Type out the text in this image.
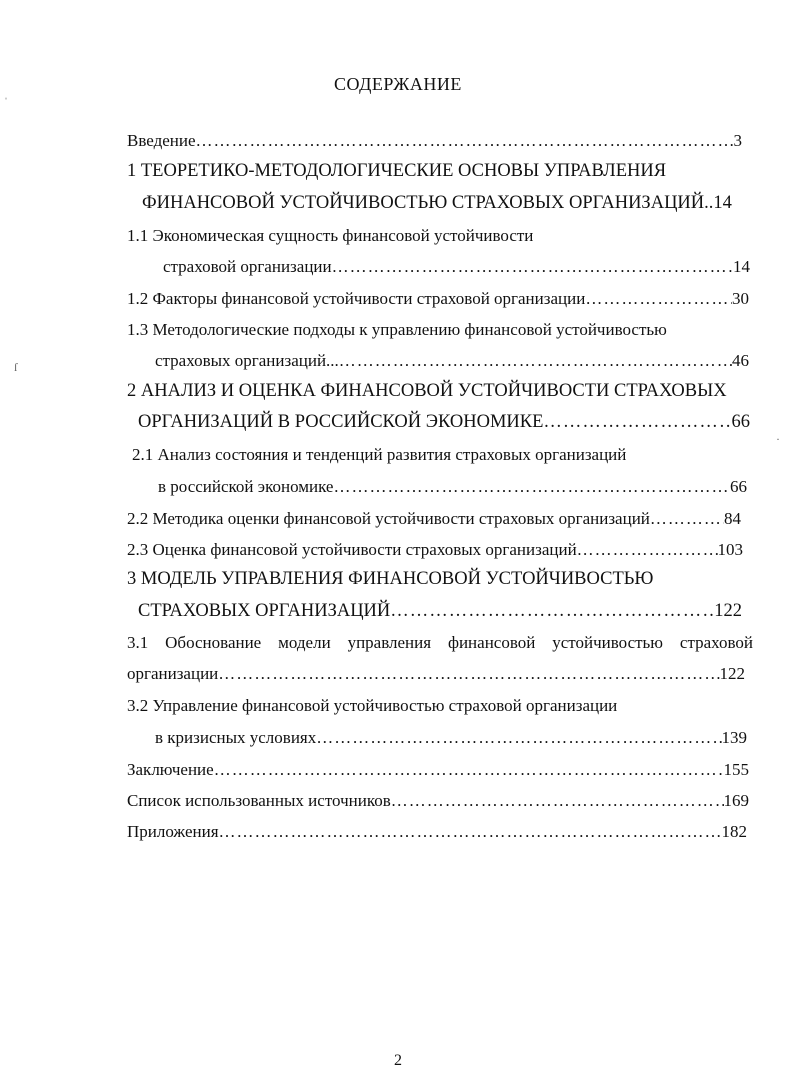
ˌ
ſ
·
СОДЕРЖАНИЕ
Введение ……………………………………………………………………………………………………………………………………………………………………………………………………	3
1 ТЕОРЕТИКО-МЕТОДОЛОГИЧЕСКИЕ ОСНОВЫ УПРАВЛЕНИЯ
ФИНАНСОВОЙ УСТОЙЧИВОСТЬЮ СТРАХОВЫХ ОРГАНИЗАЦИЙ..14
1.1 Экономическая сущность финансовой устойчивости
страховой организации ……………………………………………………………………………………………………………………………………………………………………………………………………	14
1.2 Факторы финансовой устойчивости страховой организации ……………………………………………………………………………………………………………………………………………………………………………………………………	30
1.3 Методологические подходы к управлению финансовой устойчивостью
страховых организаций... ……………………………………………………………………………………………………………………………………………………………………………………………………	46
2 АНАЛИЗ И ОЦЕНКА ФИНАНСОВОЙ УСТОЙЧИВОСТИ СТРАХОВЫХ
ОРГАНИЗАЦИЙ В РОССИЙСКОЙ ЭКОНОМИКЕ ……………………………………………………………………………………………………………………………………………………………………………………………………	66
2.1 Анализ состояния и тенденций развития страховых организаций
в российской экономике ……………………………………………………………………………………………………………………………………………………………………………………………………	66
2.2 Методика оценки финансовой устойчивости страховых организаций ……………………………………………………………………………………………………………………………………………………………………………………………………	84
2.3 Оценка финансовой устойчивости страховых организаций ……………………………………………………………………………………………………………………………………………………………………………………………………	103
3 МОДЕЛЬ УПРАВЛЕНИЯ ФИНАНСОВОЙ УСТОЙЧИВОСТЬЮ
СТРАХОВЫХ ОРГАНИЗАЦИЙ ……………………………………………………………………………………………………………………………………………………………………………………………………	122
3.1 Обоснование модели управления финансовой устойчивостью страховой
организации ……………………………………………………………………………………………………………………………………………………………………………………………………	122
3.2 Управление финансовой устойчивостью страховой организации
в кризисных условиях ……………………………………………………………………………………………………………………………………………………………………………………………………	139
Заключение ……………………………………………………………………………………………………………………………………………………………………………………………………	155
Список использованных источников ……………………………………………………………………………………………………………………………………………………………………………………………………	169
Приложения ……………………………………………………………………………………………………………………………………………………………………………………………………	182
2
